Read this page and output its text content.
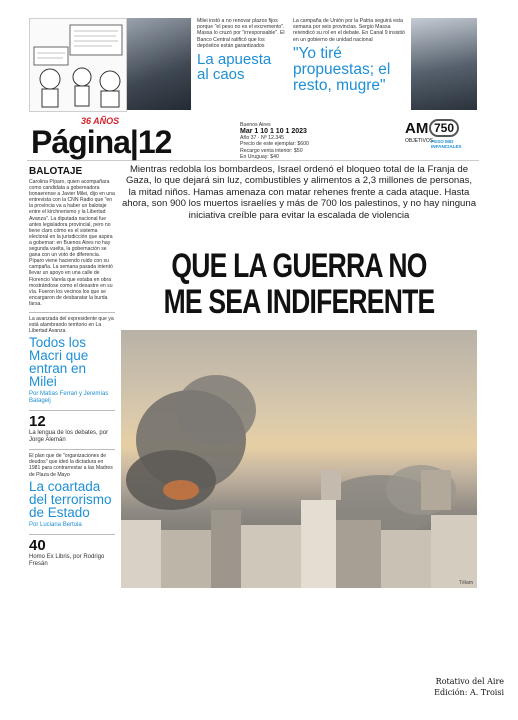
Milei instó a no renovar plazos fijos porque "el peso no es el excremento". Massa lo cruzó por "irresponsable". El Banco Central ratificó que los depósitos están garantizados
La apuesta al caos
La campaña de Unión por la Patria seguirá esta semana por seis provincias. Sergio Massa reivindicó su rol en el debate. En Canal 9 insistió en un gobierno de unidad nacional
"Yo tiré propuestas; el resto, mugre"
36 AÑOS
Página|12	Buenos Aires
Mar 1 10 1 10 1 2023
Año 37 · Nº 12.345
Precio de este ejemplar: $600
Recargo venta interior: $50
En Uruguay: $40
AM 750
OBJETIVOS
PESO MID INFANCIALES
BALOTAJE
Carolina Píparo, quien acompañara como candidata a gobernadora bonaerense a Javier Milei, dijo en una entrevista con la CNN Radio que "en la provincia va a haber un balotaje entre el kirchnerismo y la Libertad Avanza". La diputada nacional fue antes legisladora provincial, pero no tiene claro cómo es el sistema electoral en la jurisdicción que aspira a gobernar: en Buenos Aires no hay segunda vuelta, la gobernación se gana con un voto de diferencia. Píparo viene haciendo ruido con su campaña. La semana pasada intentó llevar un apoyo en una calle de Florencio Varela que estaba en obra mostrándose como el desastre en su vía. Fueron los vecinos los que se encargaron de desbaratar la burda farsa.
La avanzada del expresidente que ya está alambrando territorio en La Libertad Avanza
Todos los Macri que entran en Milei
Por Matías Ferrari y Jeremías Batagelj
12
La lengua de los debates, por Jorge Alemán
El plan que de "organizaciones de deudos" que ideó la dictadura en 1981 para contrarrestar a las Madres de Plaza de Mayo
La coartada del terrorismo de Estado
Por Luciana Bertoia
40
Homo Ex Libris, por Rodrigo Fresán
Mientras redobla los bombardeos, Israel ordenó el bloqueo total de la Franja de Gaza, lo que dejará sin luz, combustibles y alimentos a 2,3 millones de personas, la mitad niños. Hamas amenaza con matar rehenes frente a cada ataque. Hasta ahora, son 900 los muertos israelíes y más de 700 los palestinos, y no hay ninguna iniciativa creíble para evitar la escalada de violencia
QUE LA GUERRA NO
ME SEA INDIFERENTE
Télam
Rotativo del Aire
Edición: A. Troisi
